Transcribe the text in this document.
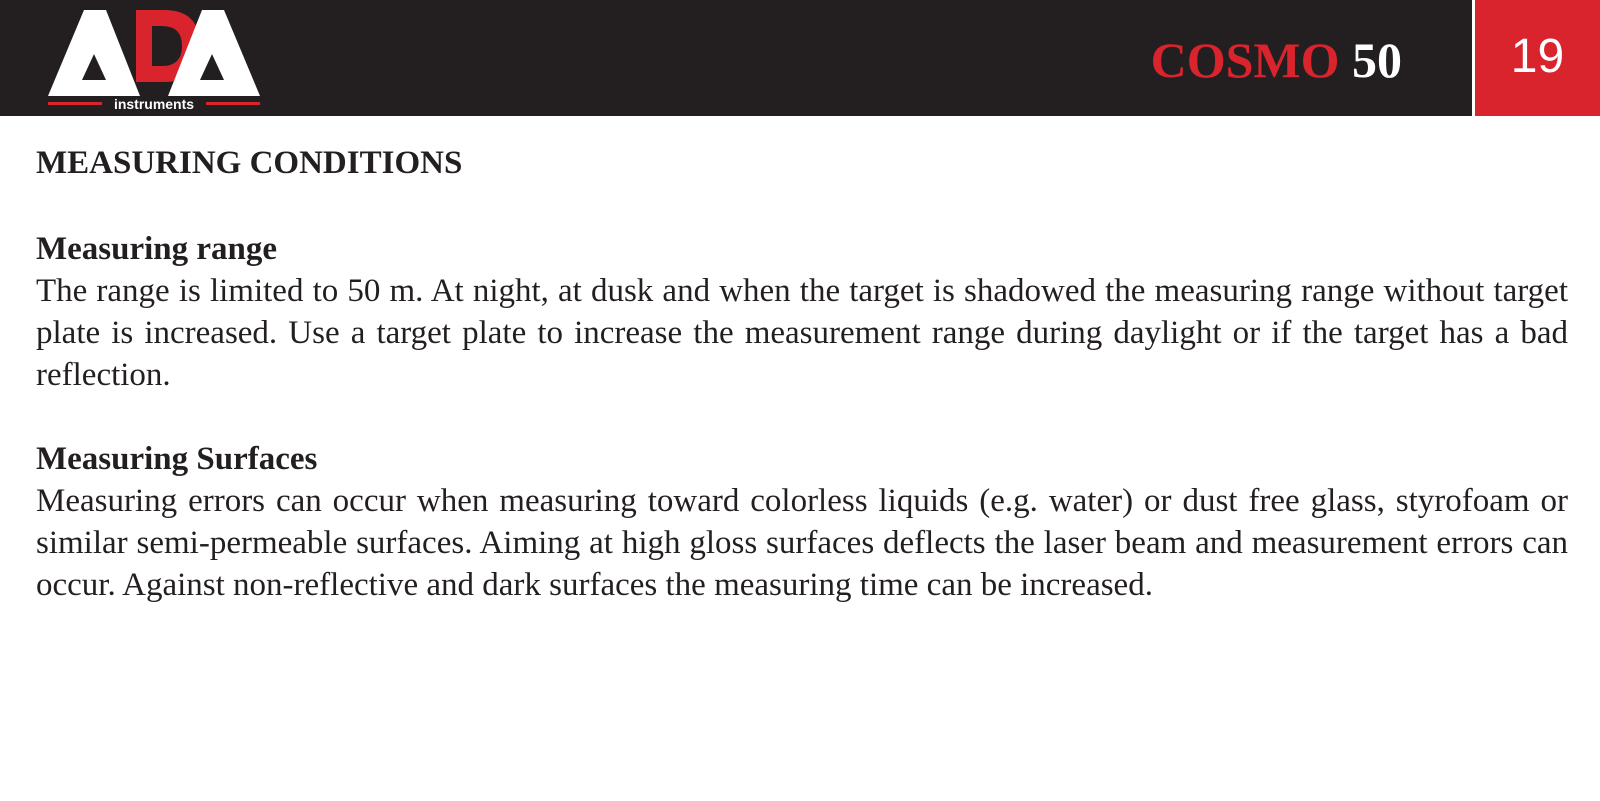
instruments
COSMO 50	19
MEASURING CONDITIONS
Measuring range

The range is limited to 50 m. At night, at dusk and when the target is shadowed the measuring range without target plate is increased. Use a target plate to increase the measurement range during daylight or if the target has a bad reflection.

Measuring Surfaces

Measuring errors can occur when measuring toward colorless liquids (e.g. water) or dust free glass, styrofoam or similar semi-permeable surfaces. Aiming at high gloss surfaces deflects the laser beam and measurement errors can occur. Against non-reflective and dark surfaces the measuring time can be increased.
